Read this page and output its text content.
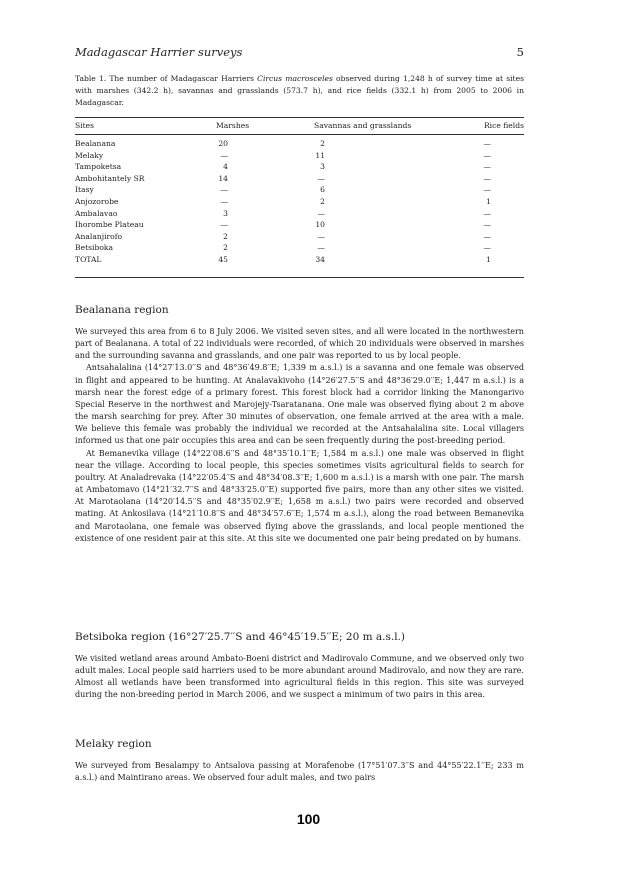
Madagascar Harrier surveys	5
Table 1. The number of Madagascar Harriers Circus macrosceles observed during 1,248 h of survey time at sites with marshes (342.2 h), savannas and grasslands (573.7 h), and rice fields (332.1 h) from 2005 to 2006 in Madagascar.
Sites	Marshes	Savannas and grasslands	Rice fields
Bealanana	20	2	—
Melaky	—	11	—
Tampoketsa	4	3	—
Ambohitantely SR	14	—	—
Itasy	—	6	—
Anjozorobe	—	2	1
Ambalavao	3	—	—
Ihorombe Plateau	—	10	—
Analanjirofo	2	—	—
Betsiboka	2	—	—
TOTAL	45	34	1
Bealanana region

We surveyed this area from 6 to 8 July 2006. We visited seven sites, and all were located in the northwestern part of Bealanana. A total of 22 individuals were recorded, of which 20 individuals were observed in marshes and the surrounding savanna and grasslands, and one pair was reported to us by local people.

Antsahalalina (14°27′13.0′′S and 48°36′49.8′′E; 1,339 m a.s.l.) is a savanna and one female was observed in flight and appeared to be hunting. At Analavakivoho (14°26′27.5′′S and 48°36′29.0′′E; 1,447 m a.s.l.) is a marsh near the forest edge of a primary forest. This forest block had a corridor linking the Manongarivo Special Reserve in the northwest and Marojejy-Tsaratanana. One male was observed flying about 2 m above the marsh searching for prey. After 30 minutes of observation, one female arrived at the area with a male. We believe this female was probably the individual we recorded at the Antsahalalina site. Local villagers informed us that one pair occupies this area and can be seen frequently during the post-breeding period.

At Bemanevika village (14°22′08.6′′S and 48°35′10.1′′E; 1,584 m a.s.l.) one male was observed in flight near the village. According to local people, this species sometimes visits agricultural fields to search for poultry. At Analadrevaka (14°22′05.4′′S and 48°34′08.3′′E; 1,600 m a.s.l.) is a marsh with one pair. The marsh at Ambatomavo (14°21′32.7′′S and 48°33′25.0′′E) supported five pairs, more than any other sites we visited. At Marotaolana (14°20′14.5′′S and 48°35′02.9′′E; 1,658 m a.s.l.) two pairs were recorded and observed mating. At Ankosilava (14°21′10.8′′S and 48°34′57.6′′E; 1,574 m a.s.l.), along the road between Bemanevika and Marotaolana, one female was observed flying above the grasslands, and local people mentioned the existence of one resident pair at this site. At this site we documented one pair being predated on by humans.

Betsiboka region (16°27′25.7′′S and 46°45′19.5′′E; 20 m a.s.l.)

We visited wetland areas around Ambato-Boeni district and Madirovalo Commune, and we observed only two adult males. Local people said harriers used to be more abundant around Madirovalo, and now they are rare. Almost all wetlands have been transformed into agricultural fields in this region. This site was surveyed during the non-breeding period in March 2006, and we suspect a minimum of two pairs in this area.

Melaky region

We surveyed from Besalampy to Antsalova passing at Morafenobe (17°51′07.3′′S and 44°55′22.1′′E; 233 m a.s.l.) and Maintirano areas. We observed four adult males, and two pairs

100
